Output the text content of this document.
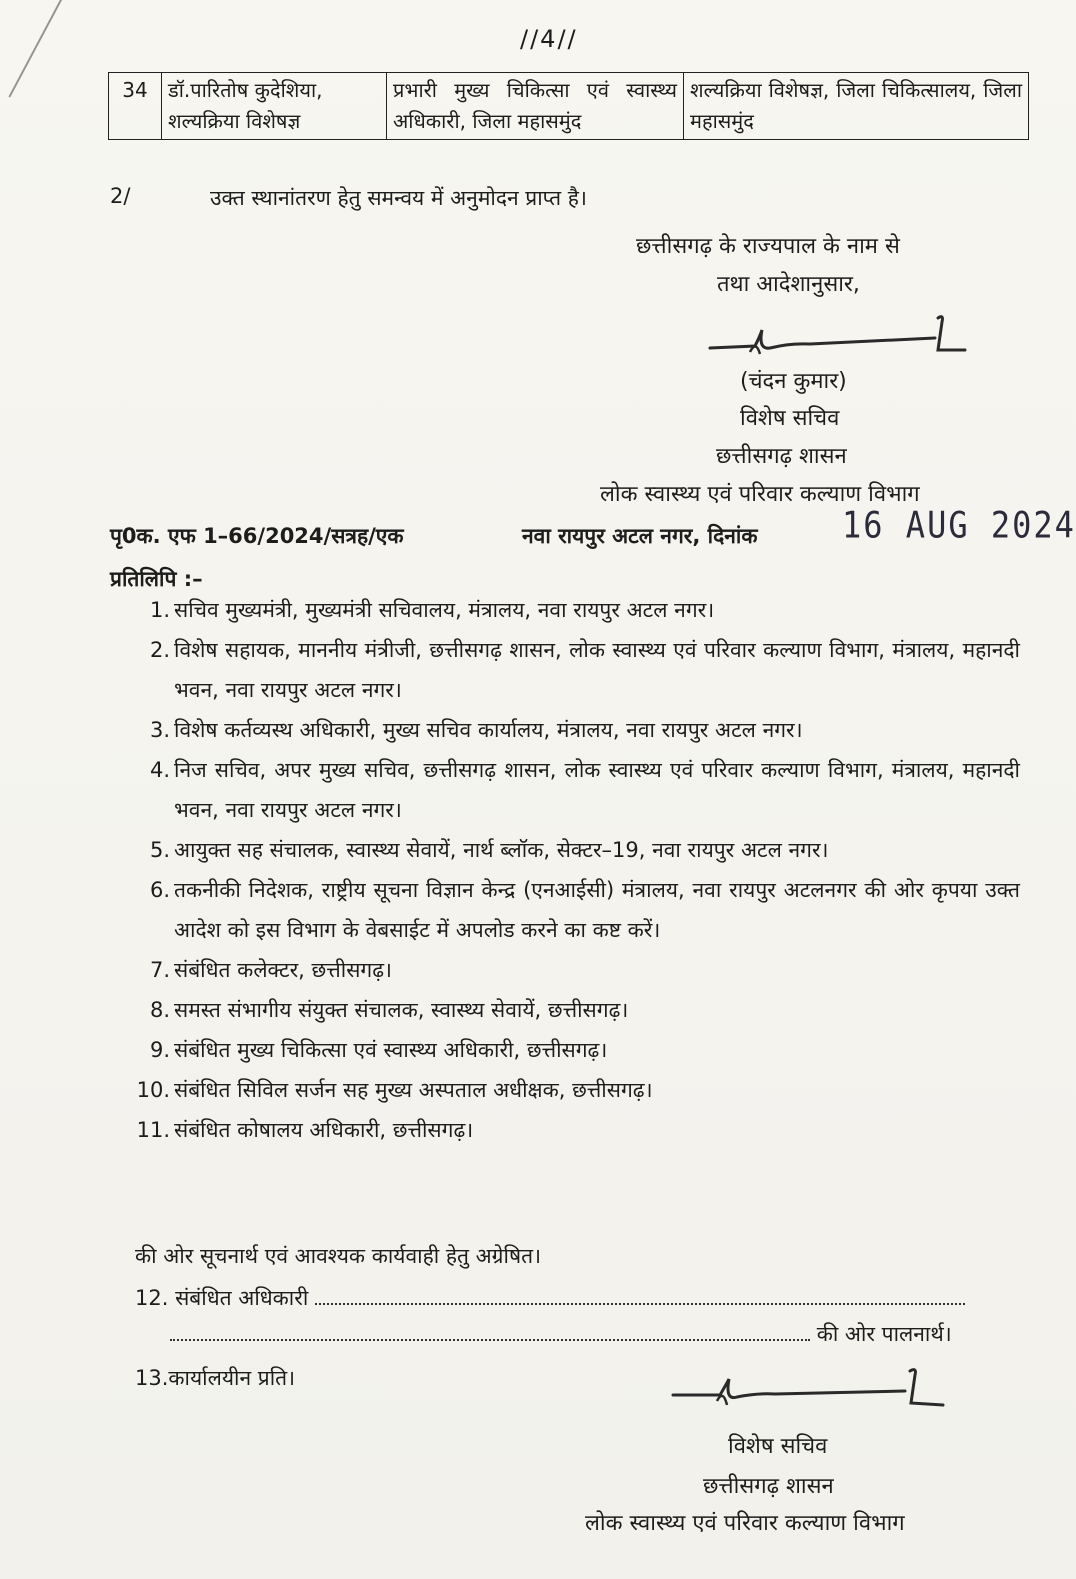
//4//
34	डॉ.पारितोष कुदेशिया, शल्यक्रिया विशेषज्ञ	प्रभारी मुख्य चिकित्सा एवं स्वास्थ्य अधिकारी, जिला महासमुंद	शल्यक्रिया विशेषज्ञ, जिला चिकित्सालय, जिला महासमुंद
2/	उक्त स्थानांतरण हेतु समन्वय में अनुमोदन प्राप्त है।
छत्तीसगढ़ के राज्यपाल के नाम से
तथा आदेशानुसार,
(चंदन कुमार)
विशेष सचिव
छत्तीसगढ़ शासन
लोक स्वास्थ्य एवं परिवार कल्याण विभाग
पृ0क. एफ 1–66/2024/सत्रह/एक	नवा रायपुर अटल नगर, दिनांक	16 AUG 2024
प्रतिलिपि :–
1. सचिव मुख्यमंत्री, मुख्यमंत्री सचिवालय, मंत्रालय, नवा रायपुर अटल नगर।
2. विशेष सहायक, माननीय मंत्रीजी, छत्तीसगढ़ शासन, लोक स्वास्थ्य एवं परिवार कल्याण विभाग, मंत्रालय, महानदी भवन, नवा रायपुर अटल नगर।
3. विशेष कर्तव्यस्थ अधिकारी, मुख्य सचिव कार्यालय, मंत्रालय, नवा रायपुर अटल नगर।
4. निज सचिव, अपर मुख्य सचिव, छत्तीसगढ़ शासन, लोक स्वास्थ्य एवं परिवार कल्याण विभाग, मंत्रालय, महानदी भवन, नवा रायपुर अटल नगर।
5. आयुक्त सह संचालक, स्वास्थ्य सेवायें, नार्थ ब्लॉक, सेक्टर–19, नवा रायपुर अटल नगर।
6. तकनीकी निदेशक, राष्ट्रीय सूचना विज्ञान केन्द्र (एनआईसी) मंत्रालय, नवा रायपुर अटलनगर की ओर कृपया उक्त आदेश को इस विभाग के वेबसाईट में अपलोड करने का कष्ट करें।
7. संबंधित कलेक्टर, छत्तीसगढ़।
8. समस्त संभागीय संयुक्त संचालक, स्वास्थ्य सेवायें, छत्तीसगढ़।
9. संबंधित मुख्य चिकित्सा एवं स्वास्थ्य अधिकारी, छत्तीसगढ़।
10. संबंधित सिविल सर्जन सह मुख्य अस्पताल अधीक्षक, छत्तीसगढ़।
11. संबंधित कोषालय अधिकारी, छत्तीसगढ़।
की ओर सूचनार्थ एवं आवश्यक कार्यवाही हेतु अग्रेषित।
12. संबंधित अधिकारी
की ओर पालनार्थ।
13.कार्यालयीन प्रति।
विशेष सचिव
छत्तीसगढ़ शासन
लोक स्वास्थ्य एवं परिवार कल्याण विभाग
